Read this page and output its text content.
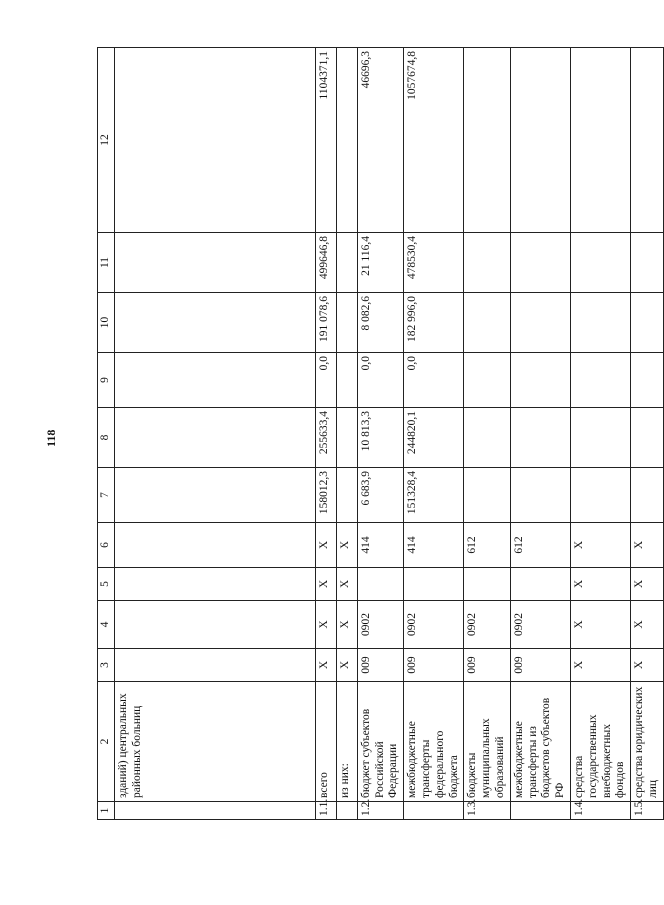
118
1	2	3	4	5	6	7	8	9	10	11	12
	зданий) центральных районных больниц										
1.1.	всего	Х	Х	Х	Х	158012,3	255633,4	0,0	191 078,6	499646,8	1104371,1
	из них:	Х	Х	Х	Х						
1.2.	бюджет субъектов Российской Федерации	009	0902		414	6 683,9	10 813,3	0,0	8 082,6	21 116,4	46696,3
	межбюджетные трансферты федерального бюджета	009	0902		414	151328,4	244820,1	0,0	182 996,0	478530,4	1057674,8
1.3.	бюджеты муниципальных образований	009	0902		612						
	межбюджетные трансферты из бюджетов субъектов РФ	009	0902		612						
1.4.	средства государственных внебюджетных фондов	Х	Х	Х	Х						
1.5.	средства юридических лиц	Х	Х	Х	Х						
